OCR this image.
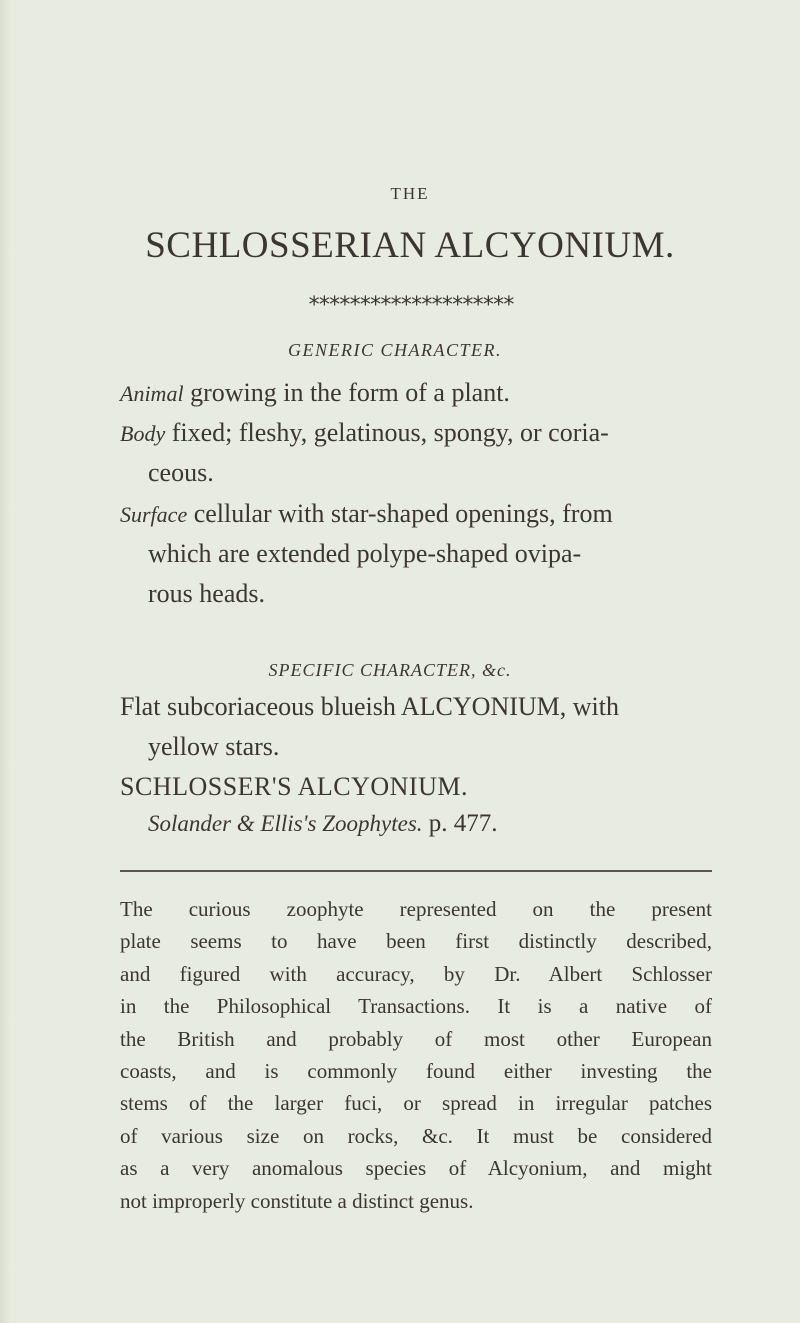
THE
SCHLOSSERIAN ALCYONIUM.
********************
GENERIC CHARACTER.
Animal growing in the form of a plant.
Body fixed; fleshy, gelatinous, spongy, or coria-
ceous.
Surface cellular with star-shaped openings, from
which are extended polype-shaped ovipa-
rous heads.
SPECIFIC CHARACTER, &c.
Flat subcoriaceous blueish ALCYONIUM, with
yellow stars.
SCHLOSSER'S ALCYONIUM.
Solander & Ellis's Zoophytes. p. 477.
The curious zoophyte represented on the present
plate seems to have been first distinctly described,
and figured with accuracy, by Dr. Albert Schlosser
in the Philosophical Transactions. It is a native of
the British and probably of most other European
coasts, and is commonly found either investing the
stems of the larger fuci, or spread in irregular patches
of various size on rocks, &c. It must be considered
as a very anomalous species of Alcyonium, and might
not improperly constitute a distinct genus.
